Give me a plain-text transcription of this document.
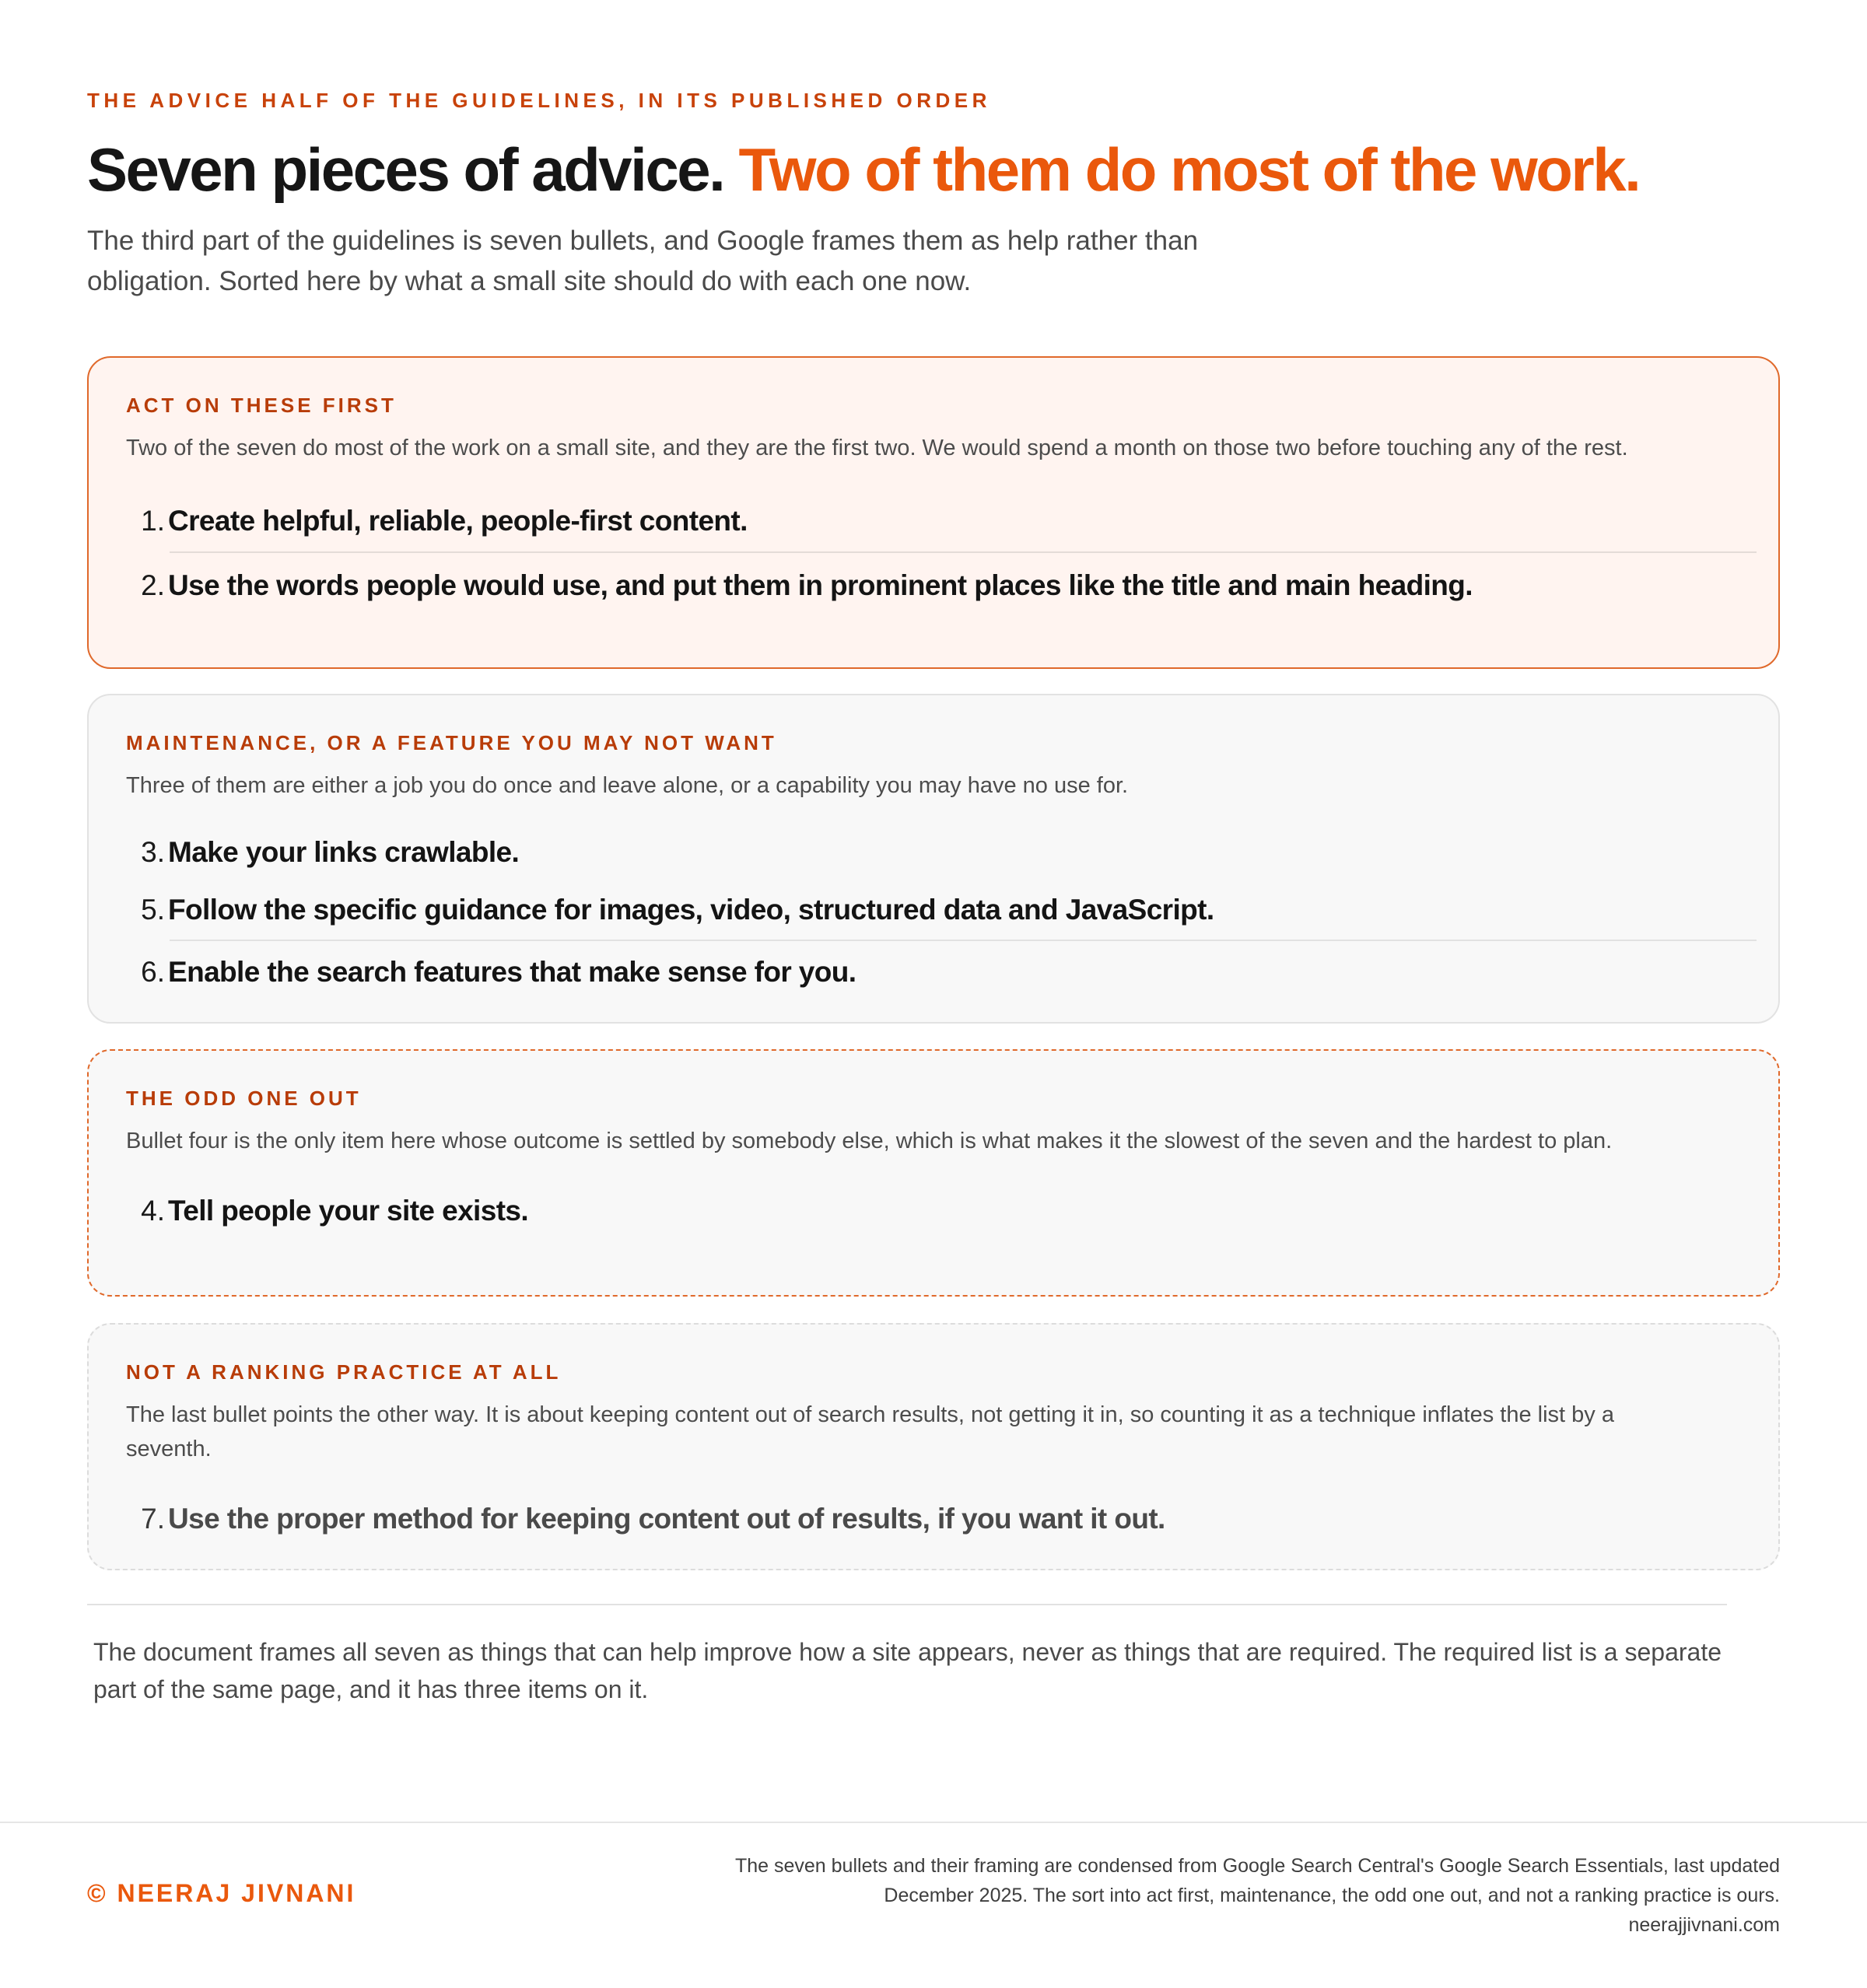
THE ADVICE HALF OF THE GUIDELINES, IN ITS PUBLISHED ORDER
Seven pieces of advice. Two of them do most of the work.

The third part of the guidelines is seven bullets, and Google frames them as help rather than obligation. Sorted here by what a small site should do with each one now.

ACT ON THESE FIRST

Two of the seven do most of the work on a small site, and they are the first two. We would spend a month on those two before touching any of the rest.

1. Create helpful, reliable, people-first content.
2. Use the words people would use, and put them in prominent places like the title and main heading.
MAINTENANCE, OR A FEATURE YOU MAY NOT WANT

Three of them are either a job you do once and leave alone, or a capability you may have no use for.

3. Make your links crawlable.
5. Follow the specific guidance for images, video, structured data and JavaScript.
6. Enable the search features that make sense for you.
THE ODD ONE OUT

Bullet four is the only item here whose outcome is settled by somebody else, which is what makes it the slowest of the seven and the hardest to plan.

4. Tell people your site exists.
NOT A RANKING PRACTICE AT ALL

The last bullet points the other way. It is about keeping content out of search results, not getting it in, so counting it as a technique inflates the list by a seventh.

7. Use the proper method for keeping content out of results, if you want it out.

The document frames all seven as things that can help improve how a site appears, never as things that are required. The required list is a separate part of the same page, and it has three items on it.

© NEERAJ JIVNANI
The seven bullets and their framing are condensed from Google Search Central's Google Search Essentials, last updated December 2025. The sort into act first, maintenance, the odd one out, and not a ranking practice is ours.
neerajjivnani.com
